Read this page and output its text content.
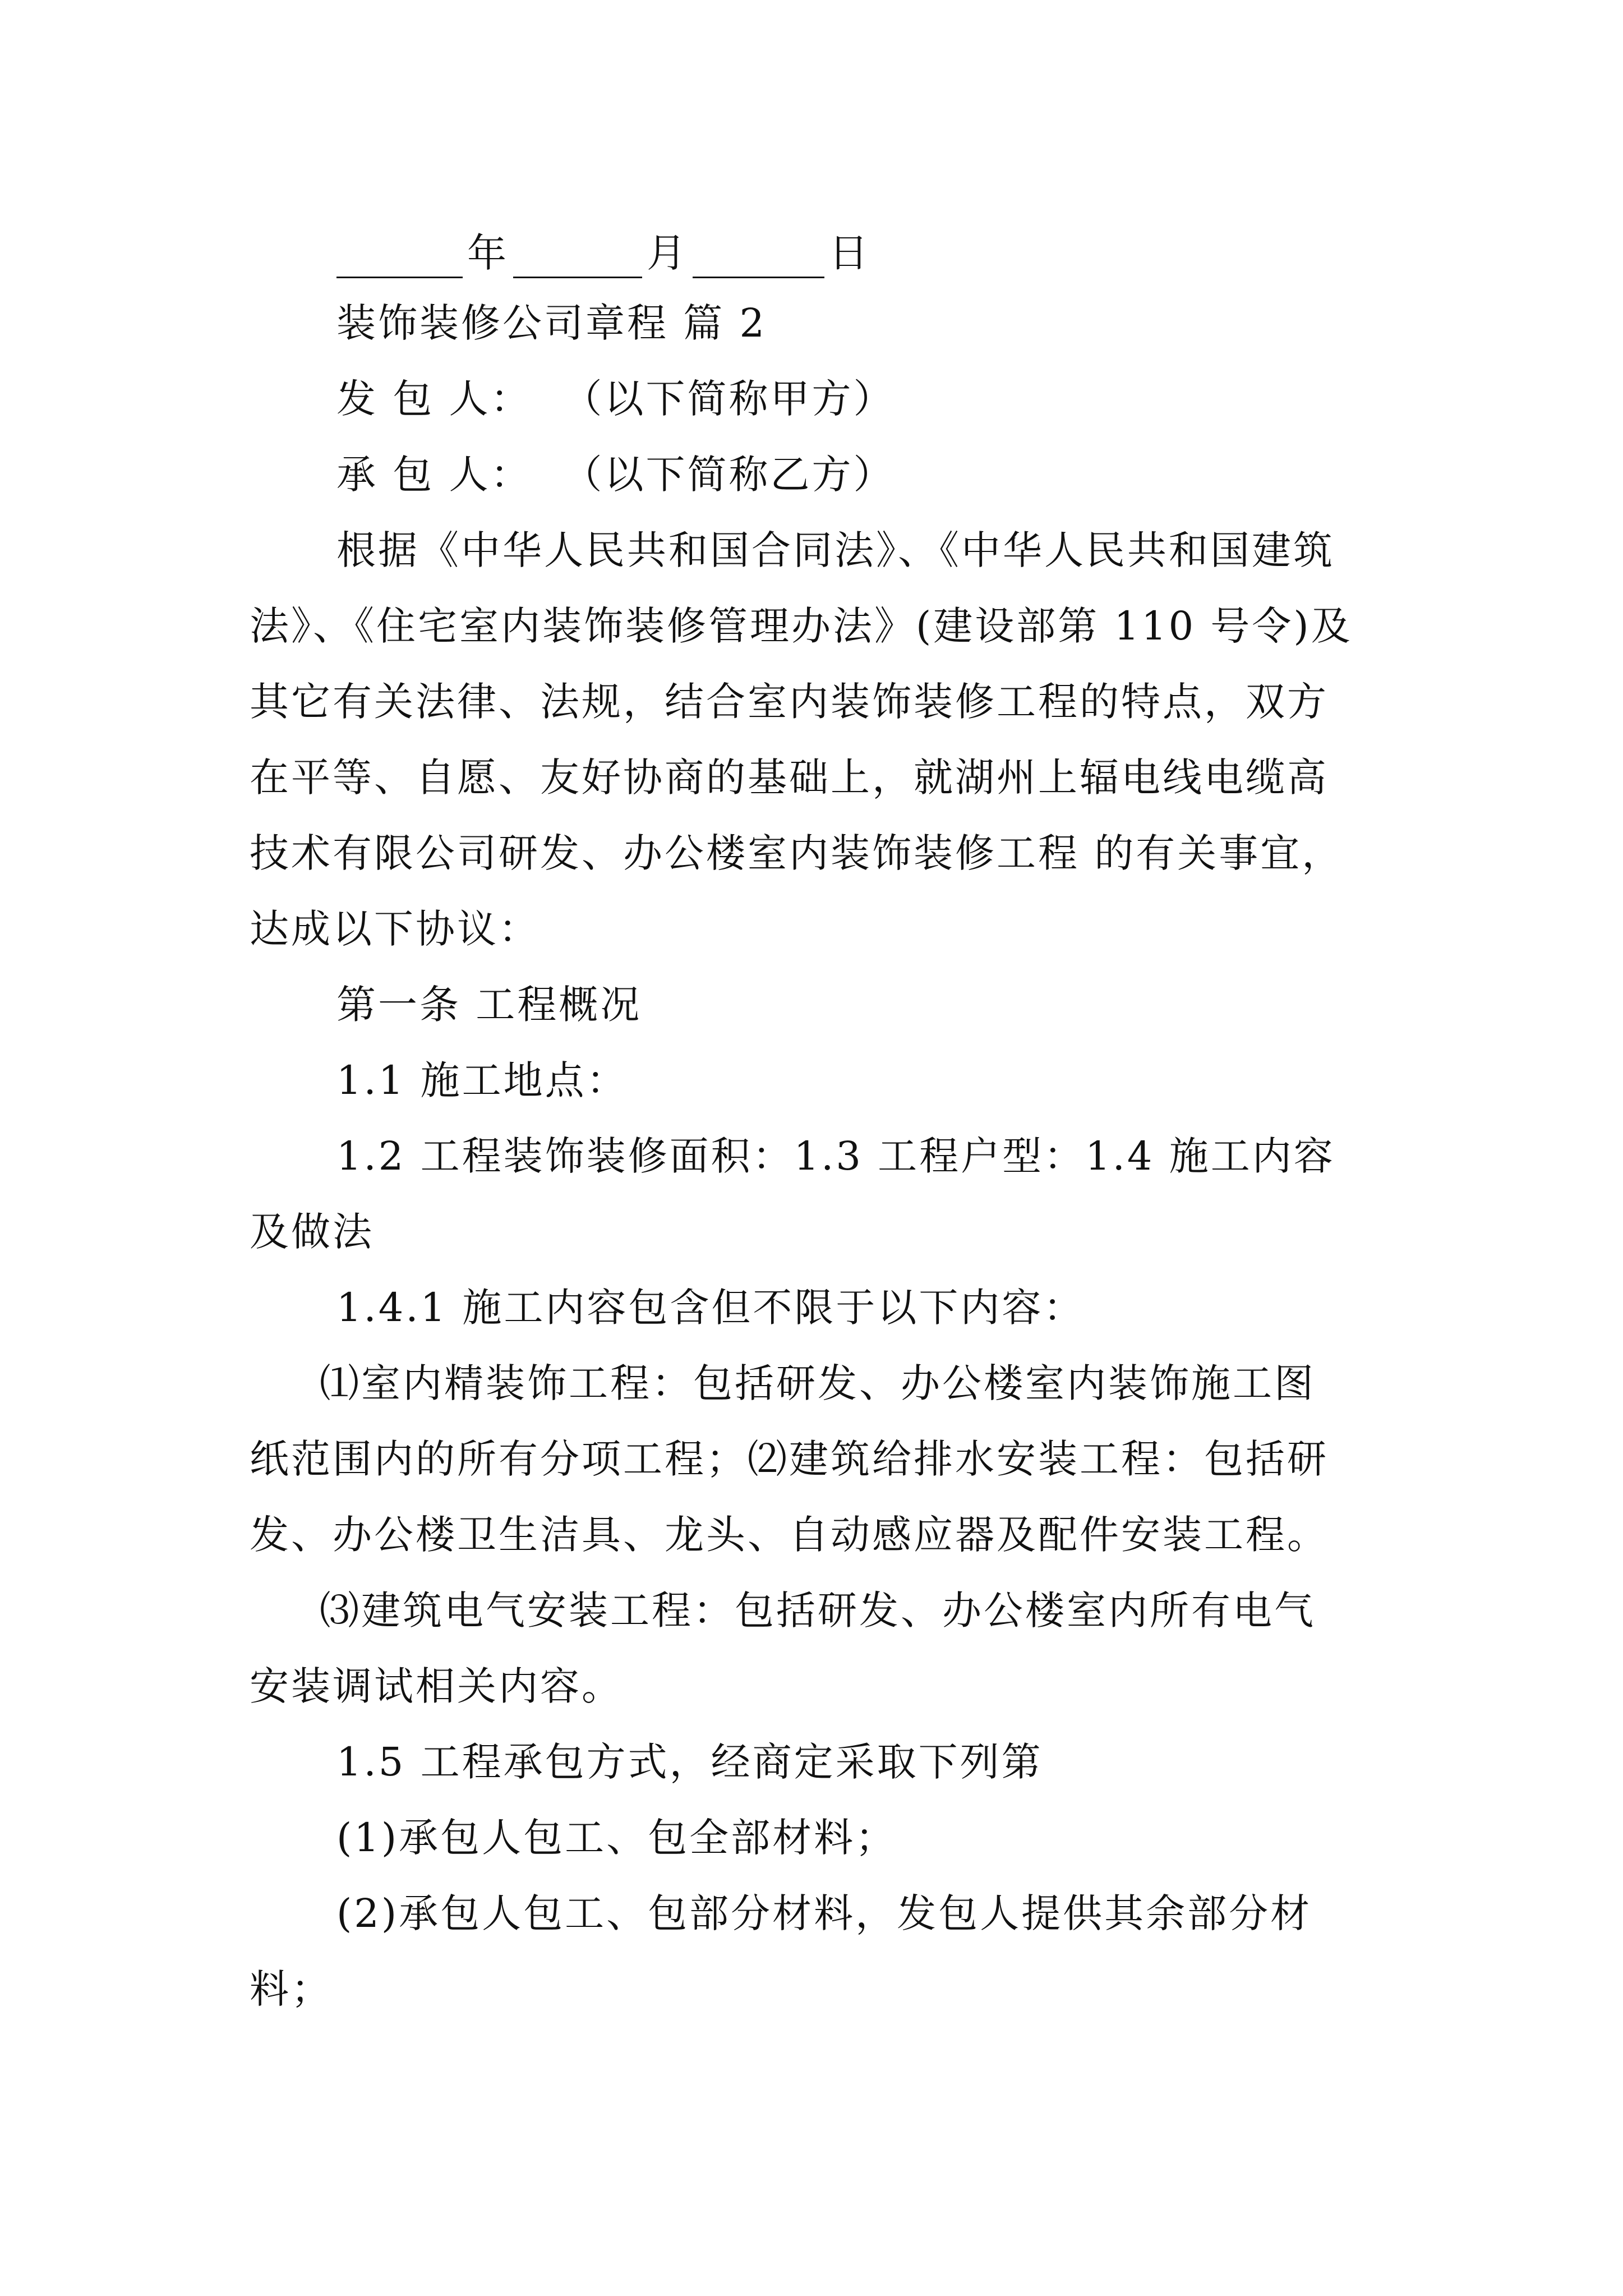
年	月	日
装饰装修公司章程 篇 2
发 包 人： （以下简称甲方）
承 包 人： （以下简称乙方）
根据《中华人民共和国合同法》、《中华人民共和国建筑
法》、《住宅室内装饰装修管理办法》(建设部第 110 号令)及
其它有关法律、法规，结合室内装饰装修工程的特点，双方
在平等、自愿、友好协商的基础上，就湖州上辐电线电缆高
技术有限公司研发、办公楼室内装饰装修工程 的有关事宜，
达成以下协议：
第一条 工程概况
1.1 施工地点：
1.2 工程装饰装修面积：1.3 工程户型：1.4 施工内容
及做法
1.4.1 施工内容包含但不限于以下内容：
⑴室内精装饰工程：包括研发、办公楼室内装饰施工图
纸范围内的所有分项工程；⑵建筑给排水安装工程：包括研
发、办公楼卫生洁具、龙头、自动感应器及配件安装工程。
⑶建筑电气安装工程：包括研发、办公楼室内所有电气
安装调试相关内容。
1.5 工程承包方式，经商定采取下列第
(1)承包人包工、包全部材料；
(2)承包人包工、包部分材料，发包人提供其余部分材
料；
